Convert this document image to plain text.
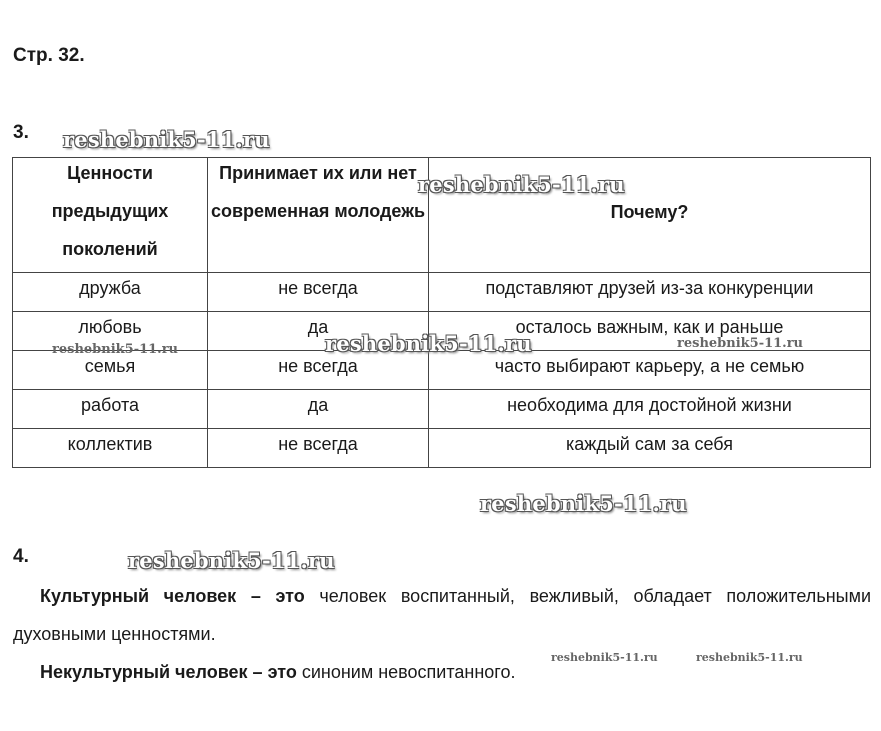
Стр. 32.
3.
Ценности предыдущих поколений	Принимает их или нет современная молодежь	Почему?

дружба	не всегда	подставляют друзей из-за конкуренции
любовь	да	осталось важным, как и раньше
семья	не всегда	часто выбирают карьеру, а не семью
работа	да	необходима для достойной жизни
коллектив	не всегда	каждый сам за себя
4.
Культурный человек – это человек воспитанный, вежливый, обладает положительными духовными ценностями.
Некультурный человек – это синоним невоспитанного.
reshebnik5-11.ru
reshebnik5-11.ru
reshebnik5-11.ru
reshebnik5-11.ru	reshebnik5-11.ru
reshebnik5-11.ru
reshebnik5-11.ru
reshebnik5-11.ru	reshebnik5-11.ru
